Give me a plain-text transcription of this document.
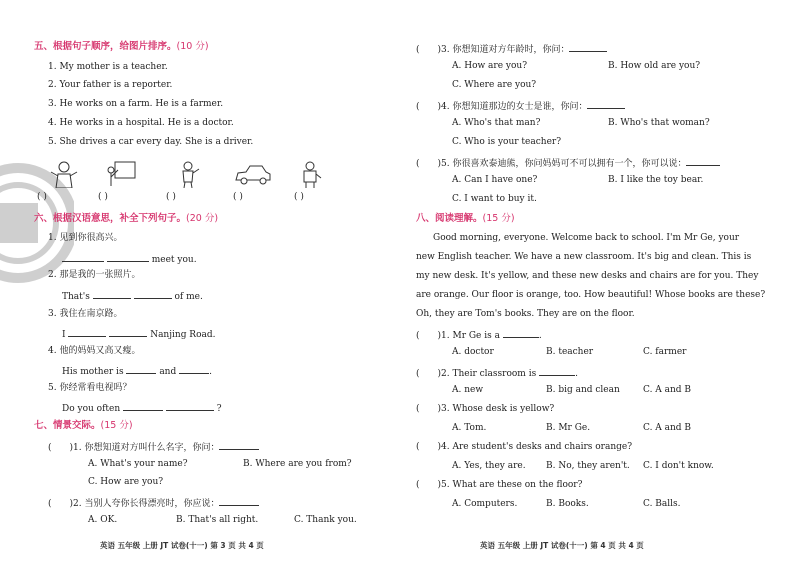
五、根据句子顺序，给图片排序。(10 分)
1. My mother is a teacher.
2. Your father is a reporter.
3. He works on a farm. He is a farmer.
4. He works in a hospital. He is a doctor.
5. She drives a car every day. She is a driver.
( )	( )	( )	( )	( )
六、根据汉语意思，补全下列句子。(20 分)
1. 见到你很高兴。
meet you.
2. 那是我的一张照片。
That's	of me.
3. 我住在南京路。
I	Nanjing Road.
4. 他的妈妈又高又瘦。
His mother is	and	.
5. 你经常看电视吗？
Do you often	?
七、情景交际。(15 分)
( )1. 你想知道对方叫什么名字，你问：
A. What's your name?	B. Where are you from?
C. How are you?
( )2. 当别人夸你长得漂亮时，你应说：
A. OK.	B. That's all right.	C. Thank you.
英语 五年级 上册 JT 试卷(十一) 第 3 页 共 4 页
( )3. 你想知道对方年龄时，你问：
A. How are you?	B. How old are you?
C. Where are you?
( )4. 你想知道那边的女士是谁，你问：
A. Who's that man?	B. Who's that woman?
C. Who is your teacher?
( )5. 你很喜欢泰迪熊，你问妈妈可不可以拥有一个，你可以说：
A. Can I have one?	B. I like the toy bear.
C. I want to buy it.
八、阅读理解。(15 分)
Good morning, everyone. Welcome back to school. I'm Mr Ge, your
new English teacher. We have a new classroom. It's big and clean. This is
my new desk. It's yellow, and these new desks and chairs are for you. They
are orange. Our floor is orange, too. How beautiful! Whose books are these?
Oh, they are Tom's books. They are on the floor.
( )1. Mr Ge is a	.
A. doctor	B. teacher	C. farmer
( )2. Their classroom is	.
A. new	B. big and clean	C. A and B
( )3. Whose desk is yellow?
A. Tom.	B. Mr Ge.	C. A and B
( )4. Are student's desks and chairs orange?
A. Yes, they are. B. No, they aren't. C. I don't know.
( )5. What are these on the floor?
A. Computers.	B. Books.	C. Balls.
英语 五年级 上册 JT 试卷(十一) 第 4 页 共 4 页
